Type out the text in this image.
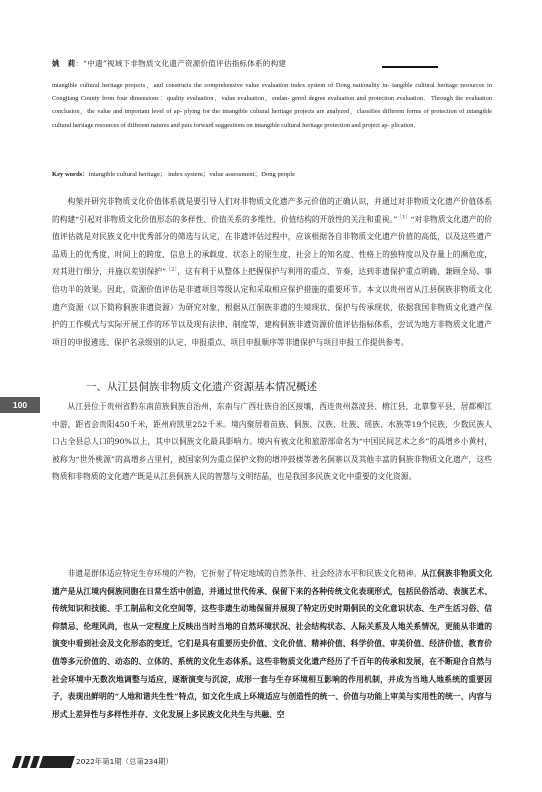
姚　莉：“中遗”视域下非物质文化遗产资源价值评估指标体系的构建
intangible cultural heritage projects，and constructs the comprehensive value evaluation index system of Dong nationality in- tangible cultural heritage resources in Congjiang County from four dimensions：quality evaluation，value evaluation，endan- gered degree evaluation and protection evaluation．Through the evaluation conclusion，the value and important level of ap- plying for the intangible cultural heritage projects are analyzed，classifies different forms of protection of intangible cultural heritage resources of different natures and puts forward suggestions on intangible cultural heritage protection and project ap- plication．
Key words：intangible cultural heritage； index system；value assessment；Dong people

构架并研究非物质文化价值体系就是要引导人们对非物质文化遗产多元价值的正确认识，并通过对非物质文化遗产价值体系的构建“引起对非物质文化价值形态的多样性、价值关系的多维性、价值结构的开放性的关注和重视。”$^{[1]}$“对非物质文化遗产的价值评估就是对民族文化中优秀部分的筛选与认定，在非遗评估过程中，应该根据各自非物质文化遗产价值的高低，以及这些遗产品质上的优秀度、时间上的跨度、信息上的承载度、状态上的原生度、社会上的知名度、性格上的独特度以及存量上的濒危度，对其进行细分，并施以差别保护”$^{[2]}$，这有利于从整体上把握保护与利用的重点、节奏，达到非遗保护重点明确、兼顾全局、事倍功半的效果。因此，资源价值评估是非遗项目等级认定和采取相应保护措施的重要环节。本文以贵州省从江县侗族非物质文化遗产资源（以下简称侗族非遗资源）为研究对象，根据从江侗族非遗的生境现状、保护与传承现状，依据我国非物质文化遗产保护的工作模式与实际开展工作的环节以及现有法律、制度等，建构侗族非遗资源价值评估指标体系，尝试为地方非物质文化遗产项目的申报遴选、保护名录级别的认定、申报重点、项目申报顺序等非遗保护与项目申报工作提供参考。

一、从江县侗族非物质文化遗产资源基本情况概述
100	从江县位于贵州省黔东南苗族侗族自治州，东南与广西壮族自治区接壤，西连贵州荔波县、榕江县，北靠黎平县，居都柳江中游，距省会贵阳450千米，距州府凯里252千米。境内聚居着苗族、侗族、汉族、壮族、瑶族、水族等19个民族，少数民族人口占全县总人口的90%以上，其中以侗族文化最具影响力。境内有被文化和旅游部命名为“中国民间艺术之乡”的高增乡小黄村，被称为“世外桃源”的高增乡占里村，被国家列为重点保护文物的增冲鼓楼等著名侗寨以及其他丰富的侗族非物质文化遗产，这些物质和非物质的文化遗产既是从江县侗族人民的智慧与文明结晶，也是我国多民族文化中重要的文化资源。

非遗是群体适应特定生存环境的产物，它折射了特定地域的自然条件、社会经济水平和民族文化精神。从江侗族非物质文化遗产是从江境内侗族同胞在日常生活中创造，并通过世代传承、保留下来的各种传统文化表现形式，包括民俗活动、表演艺术、传统知识和技能、手工制品和文化空间等，这些非遗生动地保留并展现了特定历史时期侗民的文化意识状态、生产生活习俗、信仰禁忌、伦理风尚，也从一定程度上反映出当时当地的自然环境状况、社会结构状态、人际关系及人地关系情况，更能从非遗的演变中看到社会及文化形态的变迁，它们是具有重要历史价值、文化价值、精神价值、科学价值、审美价值、经济价值、教育价值等多元价值的、动态的、立体的、系统的文化生态体系。这些非物质文化遗产经历了千百年的传承和发展，在不断迎合自然与社会环境中无数次地调整与适应，逐渐演变与沉淀，成形一套与生存环境相互影响的作用机制，并成为当地人地系统的重要因子，表现出鲜明的“人地和谐共生性”特点，如文化生成上环境适应与创造性的统一、价值与功能上审美与实用性的统一、内容与形式上差异性与多样性并存、文化发展上多民族文化共生与共融、空

2022年第1期（总第234期）
